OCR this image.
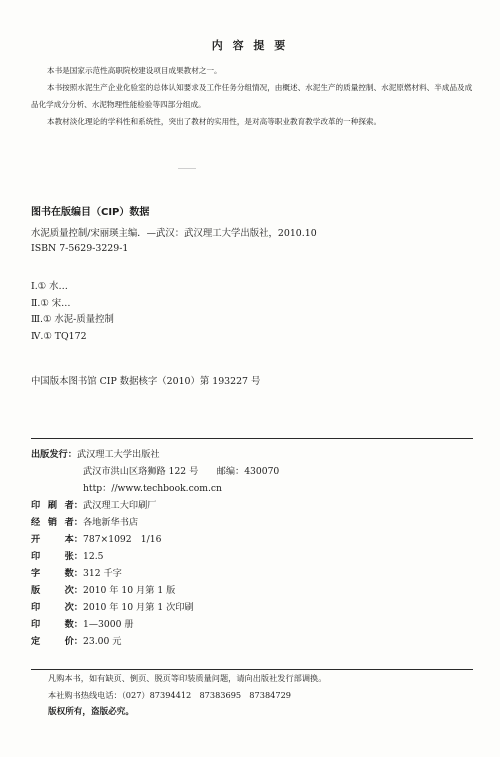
内 容 提 要

本书是国家示范性高职院校建设项目成果教材之一。

本书按照水泥生产企业化验室的总体认知要求及工作任务分组情况，由概述、水泥生产的质量控制、水泥原燃材料、半成品及成品化学成分分析、水泥物理性能检验等四部分组成。

本教材淡化理论的学科性和系统性，突出了教材的实用性，是对高等职业教育教学改革的一种探索。

图书在版编目（CIP）数据
水泥质量控制/宋丽瑛主编．—武汉：武汉理工大学出版社，2010.10
ISBN 7-5629-3229-1
Ⅰ.① 水…
Ⅱ.① 宋…
Ⅲ.① 水泥-质量控制
Ⅳ.① TQ172
中国版本图书馆 CIP 数据核字（2010）第 193227 号
出版发行： 武汉理工大学出版社
武汉市洪山区珞狮路 122 号　　邮编：430070
http：//www.techbook.com.cn
印 刷 者： 武汉理工大印刷厂
经 销 者： 各地新华书店
开	本： 787×1092　1/16
印	张： 12.5
字	数： 312 千字
版	次： 2010 年 10 月第 1 版
印	次： 2010 年 10 月第 1 次印刷
印	数： 1—3000 册
定	价： 23.00 元
凡购本书，如有缺页、倒页、脱页等印装质量问题，请向出版社发行部调换。
本社购书热线电话：（027）87394412　87383695　87384729
版权所有，盗版必究。
